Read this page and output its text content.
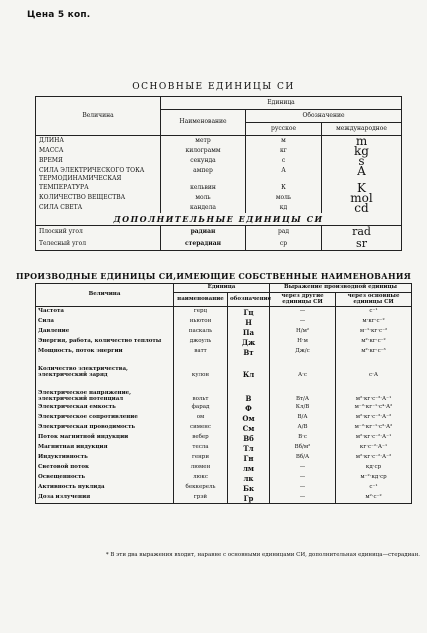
Цена 5 коп.
ОСНОВНЫЕ ЕДИНИЦЫ СИ
Величина	Единица		
	Наименование	Обозначение	
		русское	международное
ДЛИНА	метр	м	m
МАССА	килограмм	кг	kg
ВРЕМЯ	секунда	с	s
СИЛА ЭЛЕКТРИЧЕСКОГО ТОКА	ампер	А	A
ТЕРМОДИНАМИЧЕСКАЯ			
ТЕМПЕРАТУРА	кельвин	К	K
КОЛИЧЕСТВО ВЕЩЕСТВА	моль	моль	mol
СИЛА СВЕТА	кандела	кд	cd
ДОПОЛНИТЕЛЬНЫЕ ЕДИНИЦЫ СИ			
Плоский угол	радиан	рад	rad
Телесный угол	стерадиан	ср	sr
ПРОИЗВОДНЫЕ ЕДИНИЦЫ СИ,ИМЕЮЩИЕ СОБСТВЕННЫЕ НАИМЕНОВАНИЯ
Величина	Единица		Выражение производной единицы	
	наименование	обозначение	через другие единицы СИ	через основные единицы СИ
Частота	герц	Гц	—	с⁻¹
Сила	ньютон	Н	—	м·кг·с⁻²
Давление	паскаль	Па	Н/м²	м⁻¹·кг·с⁻²
Энергия, работа, количество теплоты	джоуль	Дж	Н·м	м²·кг·с⁻²
Мощность, поток энергии	ватт	Вт	Дж/с	м²·кг·с⁻³
Количество электричества, электрический заряд	кулон	Кл	А·с	с·А
Электрическое напряжение, электрический потенциал	вольт	В	Вт/А	м²·кг·с⁻³·А⁻¹
Электрическая емкость	фарад	Ф	Кл/В	м⁻²·кг⁻¹·с⁴·А²
Электрическое сопротивление	ом	Ом	В/А	м²·кг·с⁻³·А⁻²
Электрическая проводимость	сименс	См	А/В	м⁻²·кг⁻¹·с³·А²
Поток магнитной индукции	вебер	Вб	В·с	м²·кг·с⁻²·А⁻¹
Магнитная индукция	тесла	Тл	Вб/м²	кг·с⁻²·А⁻¹
Индуктивность	генри	Гн	Вб/А	м²·кг·с⁻²·А⁻²
Световой поток	люмен	лм	—	кд·ср
Освещенность	люкс	лк	—	м⁻²·кд·ср
Активность нуклида	беккерель	Бк	—	с⁻¹
Доза излучения	грэй	Гр	—	м²·с⁻²
* В эти два выражения входит, наравне с основными единицами СИ, дополнительная единица—стерадиан.
